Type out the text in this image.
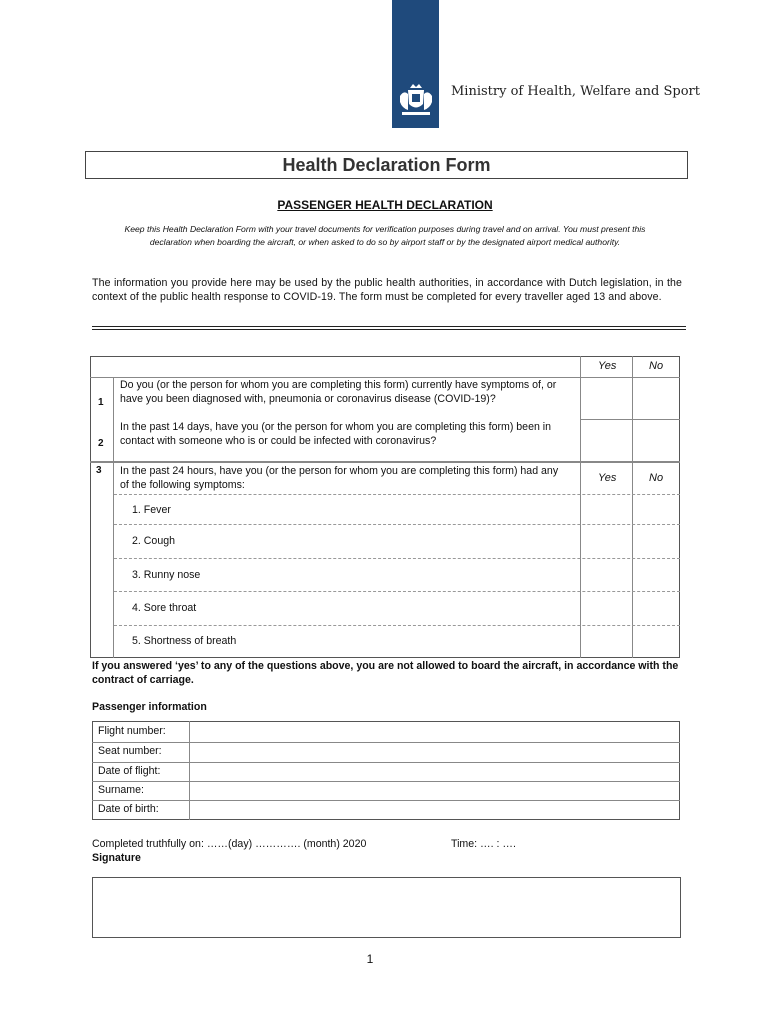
Ministry of Health, Welfare and Sport
Health Declaration Form
PASSENGER HEALTH DECLARATION
Keep this Health Declaration Form with your travel documents for verification purposes during travel and on arrival. You must present this declaration when boarding the aircraft, or when asked to do so by airport staff or by the designated airport medical authority.
The information you provide here may be used by the public health authorities, in accordance with Dutch legislation, in the context of the public health response to COVID-19. The form must be completed for every traveller aged 13 and above.
Yes	No
1
Do you (or the person for whom you are completing this form) currently have symptoms of, or have you been diagnosed with, pneumonia or coronavirus disease (COVID-19)?
2
In the past 14 days, have you (or the person for whom you are completing this form) been in contact with someone who is or could be infected with coronavirus?
3 In the past 24 hours, have you (or the person for whom you are completing this form) had any of the following symptoms:
Yes	No
1. Fever
2. Cough
3. Runny nose
4. Sore throat
5. Shortness of breath
If you answered ‘yes’ to any of the questions above, you are not allowed to board the aircraft, in accordance with the contract of carriage.
Passenger information
Flight number:
Seat number:
Date of flight:
Surname:
Date of birth:
Completed truthfully on: ……(day) …………. (month) 2020	Time: …. : ….
Signature
1
